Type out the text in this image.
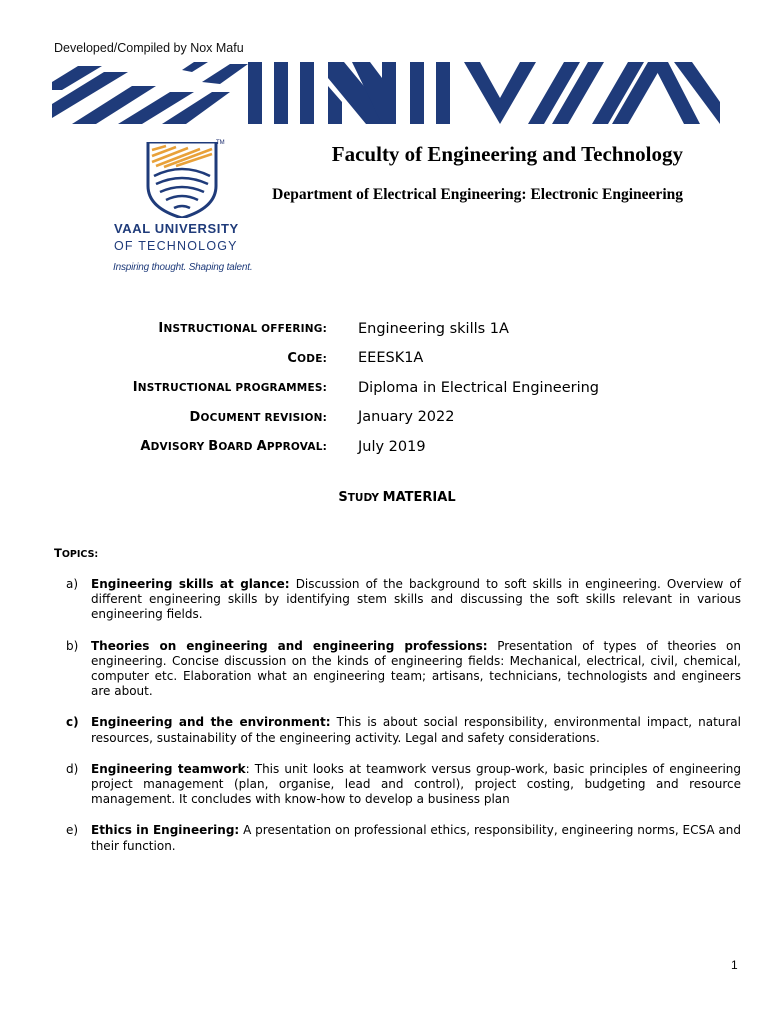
Developed/Compiled by Nox Mafu
TM
VAAL UNIVERSITY
OF TECHNOLOGY
Inspiring thought. Shaping talent.
Faculty of Engineering and Technology
Department of Electrical Engineering: Electronic Engineering
INSTRUCTIONAL OFFERING: Engineering skills 1A
CODE: EEESK1A
INSTRUCTIONAL PROGRAMMES: Diploma in Electrical Engineering
DOCUMENT REVISION: January 2022
ADVISORY BOARD APPROVAL: July 2019
STUDY MATERIAL
TOPICS:
a)	Engineering skills at glance: Discussion of the background to soft skills in engineering. Overview of different engineering skills by identifying stem skills and discussing the soft skills relevant in various engineering fields.
b)	Theories on engineering and engineering professions: Presentation of types of theories on engineering. Concise discussion on the kinds of engineering fields: Mechanical, electrical, civil, chemical, computer etc. Elaboration what an engineering team; artisans, technicians, technologists and engineers are about.
c)	Engineering and the environment: This is about social responsibility, environmental impact, natural resources, sustainability of the engineering activity. Legal and safety considerations.
d)	Engineering teamwork: This unit looks at teamwork versus group-work, basic principles of engineering project management (plan, organise, lead and control), project costing, budgeting and resource management. It concludes with know-how to develop a business plan
e)	Ethics in Engineering: A presentation on professional ethics, responsibility, engineering norms, ECSA and their function.
1
